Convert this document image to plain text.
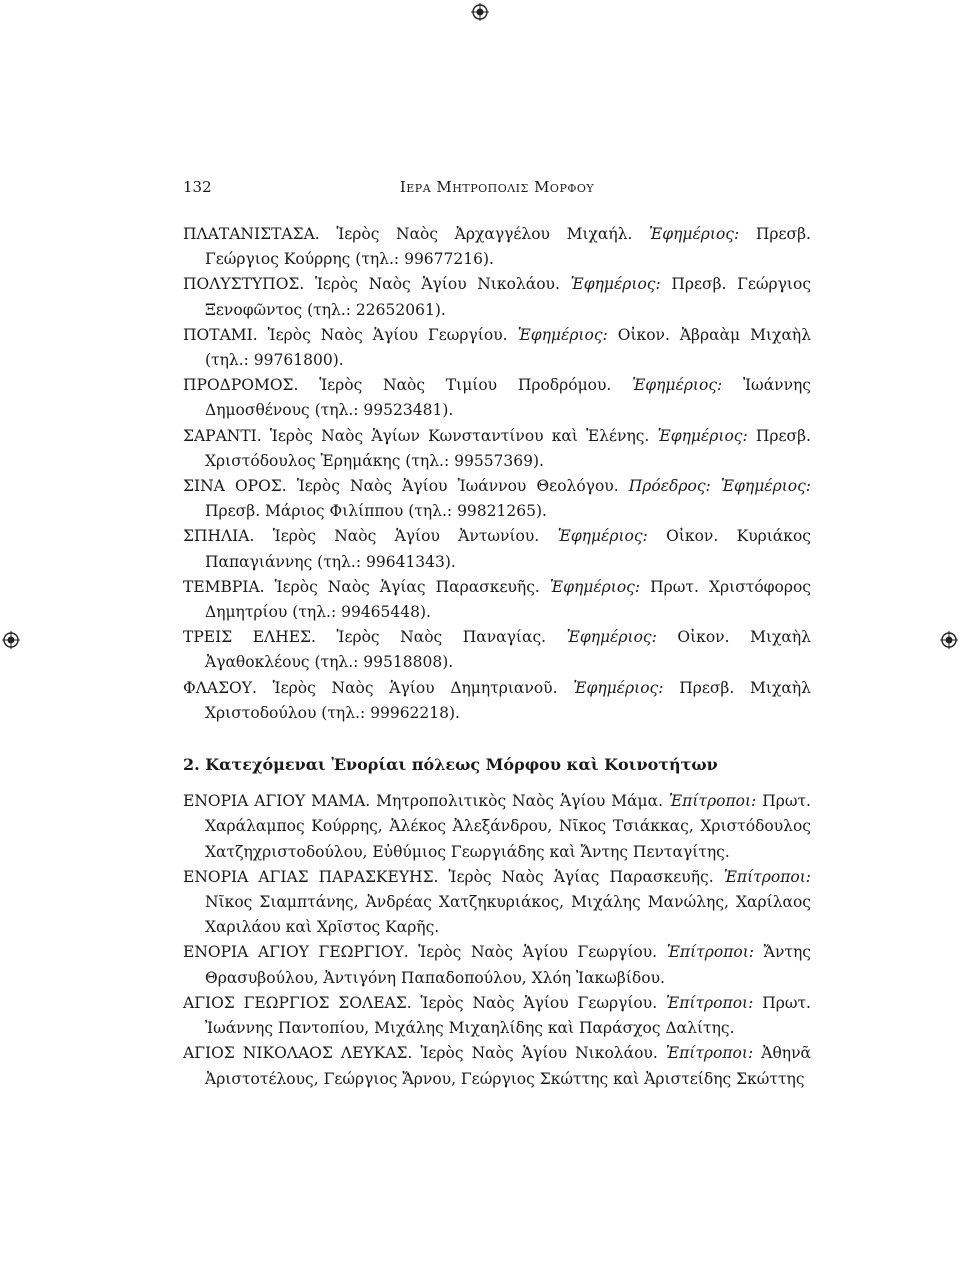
132	Ιερα Μητροπολις Μορφου

ΠΛΑΤΑΝΙΣΤΑΣΑ. Ἱερὸς Ναὸς Ἀρχαγγέλου Μιχαήλ. Ἐφημέριος: Πρεσβ. Γεώργιος Κούρρης (τηλ.: 99677216).

ΠΟΛΥΣΤΥΠΟΣ. Ἱερὸς Ναὸς Ἁγίου Νικολάου. Ἐφημέριος: Πρεσβ. Γεώργιος Ξενοφῶντος (τηλ.: 22652061).

ΠΟΤΑΜΙ. Ἱερὸς Ναὸς Ἁγίου Γεωργίου. Ἐφημέριος: Οἰκον. Ἀβραὰμ Μιχαὴλ (τηλ.: 99761800).

ΠΡΟΔΡΟΜΟΣ. Ἱερὸς Ναὸς Τιμίου Προδρόμου. Ἐφημέριος: Ἰωάννης Δημοσθένους (τηλ.: 99523481).

ΣΑΡΑΝΤΙ. Ἱερὸς Ναὸς Ἁγίων Κωνσταντίνου καὶ Ἑλένης. Ἐφημέριος: Πρεσβ. Χριστόδουλος Ἐρημάκης (τηλ.: 99557369).

ΣΙΝΑ ΟΡΟΣ. Ἱερὸς Ναὸς Ἁγίου Ἰωάννου Θεολόγου. Πρόεδρος: Ἐφημέριος: Πρεσβ. Μάριος Φιλίππου (τηλ.: 99821265).

ΣΠΗΛΙΑ. Ἱερὸς Ναὸς Ἁγίου Ἀντωνίου. Ἐφημέριος: Οἰκον. Κυριάκος Παπαγιάννης (τηλ.: 99641343).

ΤΕΜΒΡΙΑ. Ἱερὸς Ναὸς Ἁγίας Παρασκευῆς. Ἐφημέριος: Πρωτ. Χριστόφορος Δημητρίου (τηλ.: 99465448).

ΤΡΕΙΣ ΕΛΗΕΣ. Ἱερὸς Ναὸς Παναγίας. Ἐφημέριος: Οἰκον. Μιχαὴλ Ἀγαθοκλέους (τηλ.: 99518808).

ΦΛΑΣΟΥ. Ἱερὸς Ναὸς Ἁγίου Δημητριανοῦ. Ἐφημέριος: Πρεσβ. Μιχαὴλ Χριστοδούλου (τηλ.: 99962218).

2. Κατεχόμεναι Ἐνορίαι πόλεως Μόρφου καὶ Κοινοτήτων

ΕΝΟΡΙΑ ΑΓΙΟΥ ΜΑΜΑ. Μητροπολιτικὸς Ναὸς Ἁγίου Μάμα. Ἐπίτροποι: Πρωτ. Χαράλαμπος Κούρρης, Ἀλέκος Ἀλεξάνδρου, Νῖκος Τσιάκκας, Χριστόδουλος Χατζηχριστοδούλου, Εὐθύμιος Γεωργιάδης καὶ Ἄντης Πενταγίτης.

ΕΝΟΡΙΑ ΑΓΙΑΣ ΠΑΡΑΣΚΕΥΗΣ. Ἱερὸς Ναὸς Ἁγίας Παρασκευῆς. Ἐπίτροποι: Νῖκος Σιαμπτάνης, Ἀνδρέας Χατζηκυριάκος, Μιχάλης Μανώλης, Χαρίλαος Χαριλάου καὶ Χρῖστος Καρῆς.

ΕΝΟΡΙΑ ΑΓΙΟΥ ΓΕΩΡΓΙΟΥ. Ἱερὸς Ναὸς Ἁγίου Γεωργίου. Ἐπίτροποι: Ἄντης Θρασυβούλου, Ἀντιγόνη Παπαδοπούλου, Χλόη Ἰακωβίδου.

ΑΓΙΟΣ ΓΕΩΡΓΙΟΣ ΣΟΛΕΑΣ. Ἱερὸς Ναὸς Ἁγίου Γεωργίου. Ἐπίτροποι: Πρωτ. Ἰωάννης Παντοπίου, Μιχάλης Μιχαηλίδης καὶ Παράσχος Δαλίτης.

ΑΓΙΟΣ ΝΙΚΟΛΑΟΣ ΛΕΥΚΑΣ. Ἱερὸς Ναὸς Ἁγίου Νικολάου. Ἐπίτροποι: Ἀθηνᾶ Ἀριστοτέλους, Γεώργιος Ἄρνου, Γεώργιος Σκώττης καὶ Ἀριστείδης Σκώττης
